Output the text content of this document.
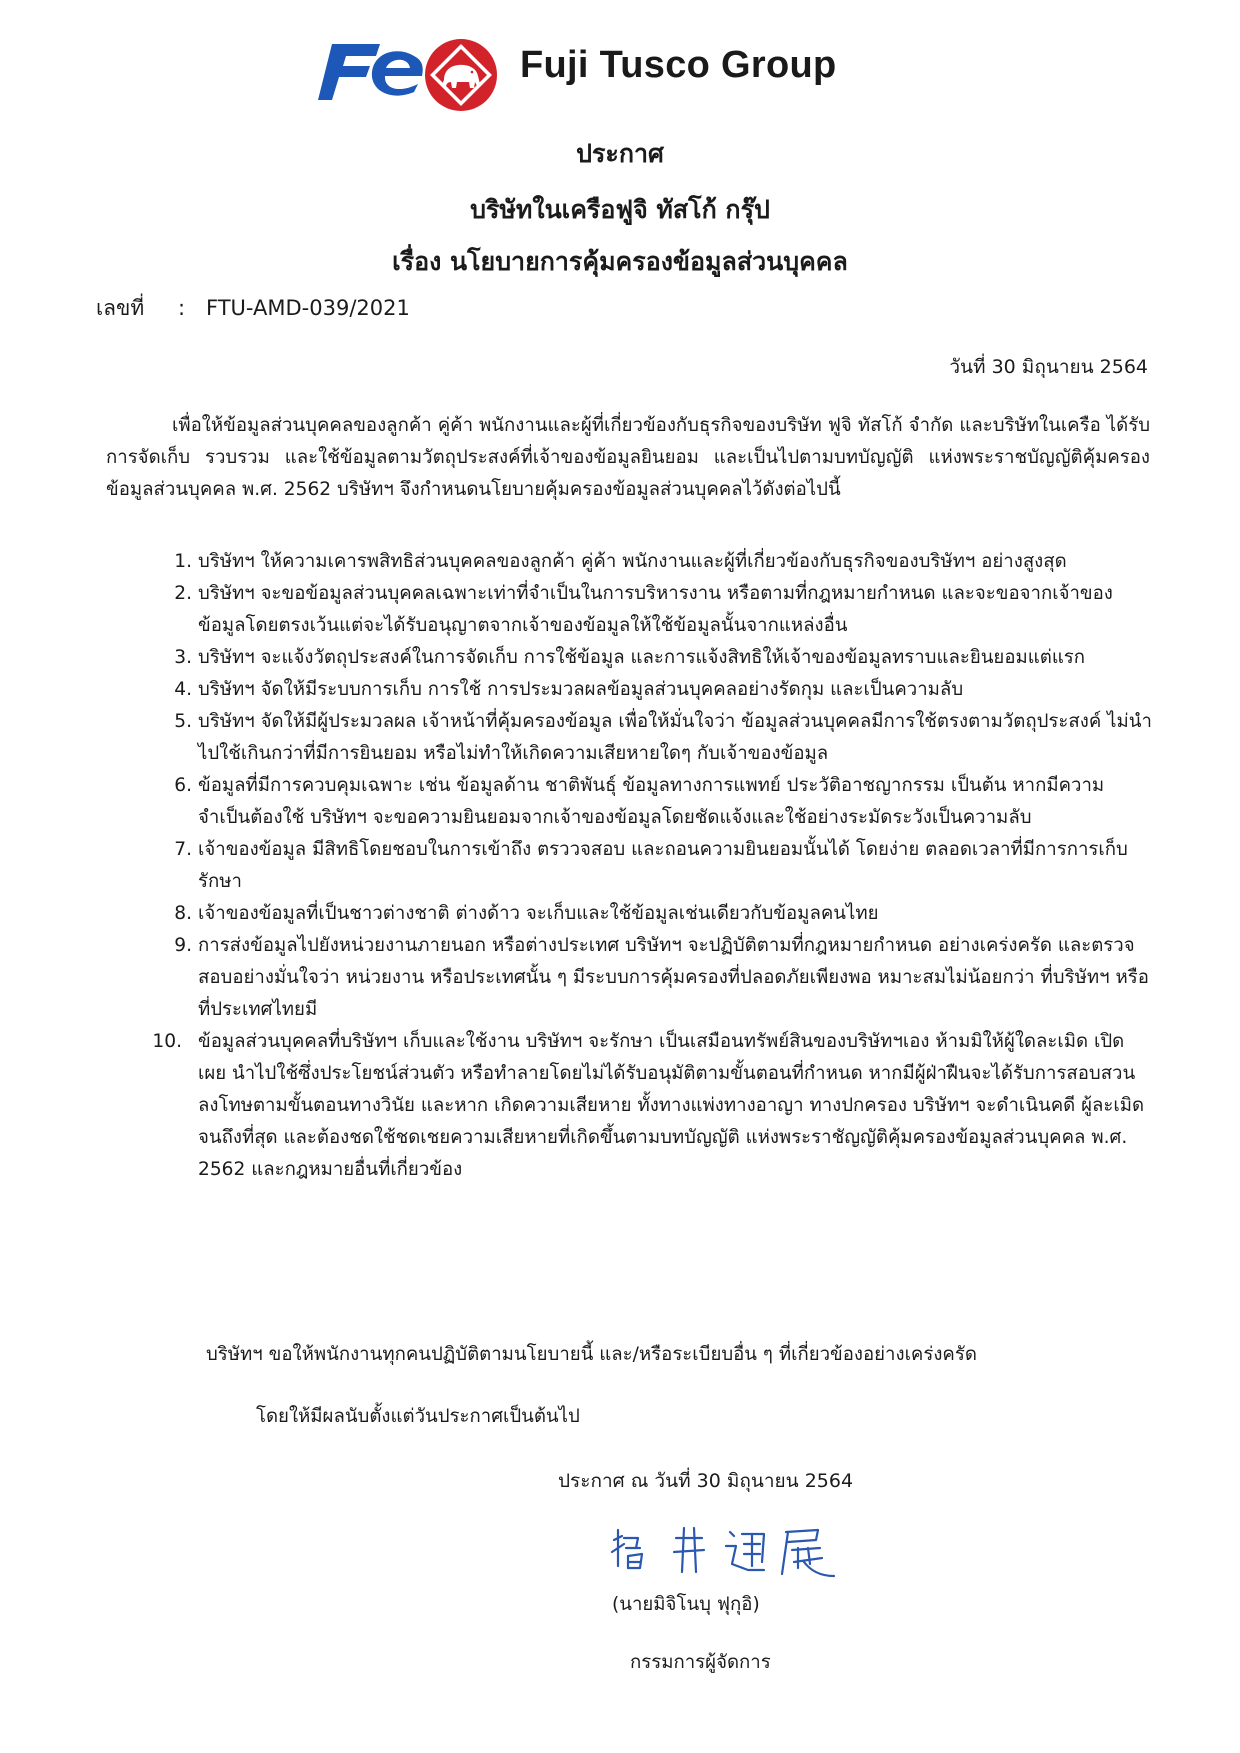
Fuji Tusco Group
ประกาศ
บริษัทในเครือฟูจิ ทัสโก้ กรุ๊ป
เรื่อง นโยบายการคุ้มครองข้อมูลส่วนบุคคล
เลขที่ : FTU-AMD-039/2021
วันที่ 30 มิถุนายน 2564
เพื่อให้ข้อมูลส่วนบุคคลของลูกค้า คู่ค้า พนักงานและผู้ที่เกี่ยวข้องกับธุรกิจของบริษัท ฟูจิ ทัสโก้ จำกัด และบริษัทในเครือ ได้รับการจัดเก็บ รวบรวม และใช้ข้อมูลตามวัตถุประสงค์ที่เจ้าของข้อมูลยินยอม และเป็นไปตามบทบัญญัติ แห่งพระราชบัญญัติคุ้มครองข้อมูลส่วนบุคคล พ.ศ. 2562 บริษัทฯ จึงกำหนดนโยบายคุ้มครองข้อมูลส่วนบุคคลไว้ดังต่อไปนี้
1. บริษัทฯ ให้ความเคารพสิทธิส่วนบุคคลของลูกค้า คู่ค้า พนักงานและผู้ที่เกี่ยวข้องกับธุรกิจของบริษัทฯ อย่างสูงสุด
2. บริษัทฯ จะขอข้อมูลส่วนบุคคลเฉพาะเท่าที่จำเป็นในการบริหารงาน หรือตามที่กฎหมายกำหนด และจะขอจากเจ้าของข้อมูลโดยตรงเว้นแต่จะได้รับอนุญาตจากเจ้าของข้อมูลให้ใช้ข้อมูลนั้นจากแหล่งอื่น
3. บริษัทฯ จะแจ้งวัตถุประสงค์ในการจัดเก็บ การใช้ข้อมูล และการแจ้งสิทธิให้เจ้าของข้อมูลทราบและยินยอมแต่แรก
4. บริษัทฯ จัดให้มีระบบการเก็บ การใช้ การประมวลผลข้อมูลส่วนบุคคลอย่างรัดกุม และเป็นความลับ
5. บริษัทฯ จัดให้มีผู้ประมวลผล เจ้าหน้าที่คุ้มครองข้อมูล เพื่อให้มั่นใจว่า ข้อมูลส่วนบุคคลมีการใช้ตรงตามวัตถุประสงค์ ไม่นำไปใช้เกินกว่าที่มีการยินยอม หรือไม่ทำให้เกิดความเสียหายใดๆ กับเจ้าของข้อมูล
6. ข้อมูลที่มีการควบคุมเฉพาะ เช่น ข้อมูลด้าน ชาติพันธุ์ ข้อมูลทางการแพทย์ ประวัติอาชญากรรม เป็นต้น หากมีความจำเป็นต้องใช้ บริษัทฯ จะขอความยินยอมจากเจ้าของข้อมูลโดยชัดแจ้งและใช้อย่างระมัดระวังเป็นความลับ
7. เจ้าของข้อมูล มีสิทธิโดยชอบในการเข้าถึง ตรววจสอบ และถอนความยินยอมนั้นได้ โดยง่าย ตลอดเวลาที่มีการการเก็บรักษา
8. เจ้าของข้อมูลที่เป็นชาวต่างชาติ ต่างด้าว จะเก็บและใช้ข้อมูลเช่นเดียวกับข้อมูลคนไทย
9. การส่งข้อมูลไปยังหน่วยงานภายนอก หรือต่างประเทศ บริษัทฯ จะปฏิบัติตามที่กฎหมายกำหนด อย่างเคร่งครัด และตรวจสอบอย่างมั่นใจว่า หน่วยงาน หรือประเทศนั้น ๆ มีระบบการคุ้มครองที่ปลอดภัยเพียงพอ หมาะสมไม่น้อยกว่า ที่บริษัทฯ หรือที่ประเทศไทยมี
10. ข้อมูลส่วนบุคคลที่บริษัทฯ เก็บและใช้งาน บริษัทฯ จะรักษา เป็นเสมือนทรัพย์สินของบริษัทฯเอง ห้ามมิให้ผู้ใดละเมิด เปิดเผย นำไปใช้ซึ่งประโยชน์ส่วนตัว หรือทำลายโดยไม่ได้รับอนุมัติตามขั้นตอนที่กำหนด หากมีผู้ฝ่าฝืนจะได้รับการสอบสวนลงโทษตามขั้นตอนทางวินัย และหาก เกิดความเสียหาย ทั้งทางแพ่งทางอาญา ทางปกครอง บริษัทฯ จะดำเนินคดี ผู้ละเมิดจนถึงที่สุด และต้องชดใช้ชดเชยความเสียหายที่เกิดขึ้นตามบทบัญญัติ แห่งพระราชัญญัติคุ้มครองข้อมูลส่วนบุคคล พ.ศ. 2562 และกฎหมายอื่นที่เกี่ยวข้อง
บริษัทฯ ขอให้พนักงานทุกคนปฏิบัติตามนโยบายนี้ และ/หรือระเบียบอื่น ๆ ที่เกี่ยวข้องอย่างเคร่งครัด
โดยให้มีผลนับตั้งแต่วันประกาศเป็นต้นไป
ประกาศ ณ วันที่ 30 มิถุนายน 2564
(นายมิจิโนบุ ฟุกุอิ)
กรรมการผู้จัดการ
